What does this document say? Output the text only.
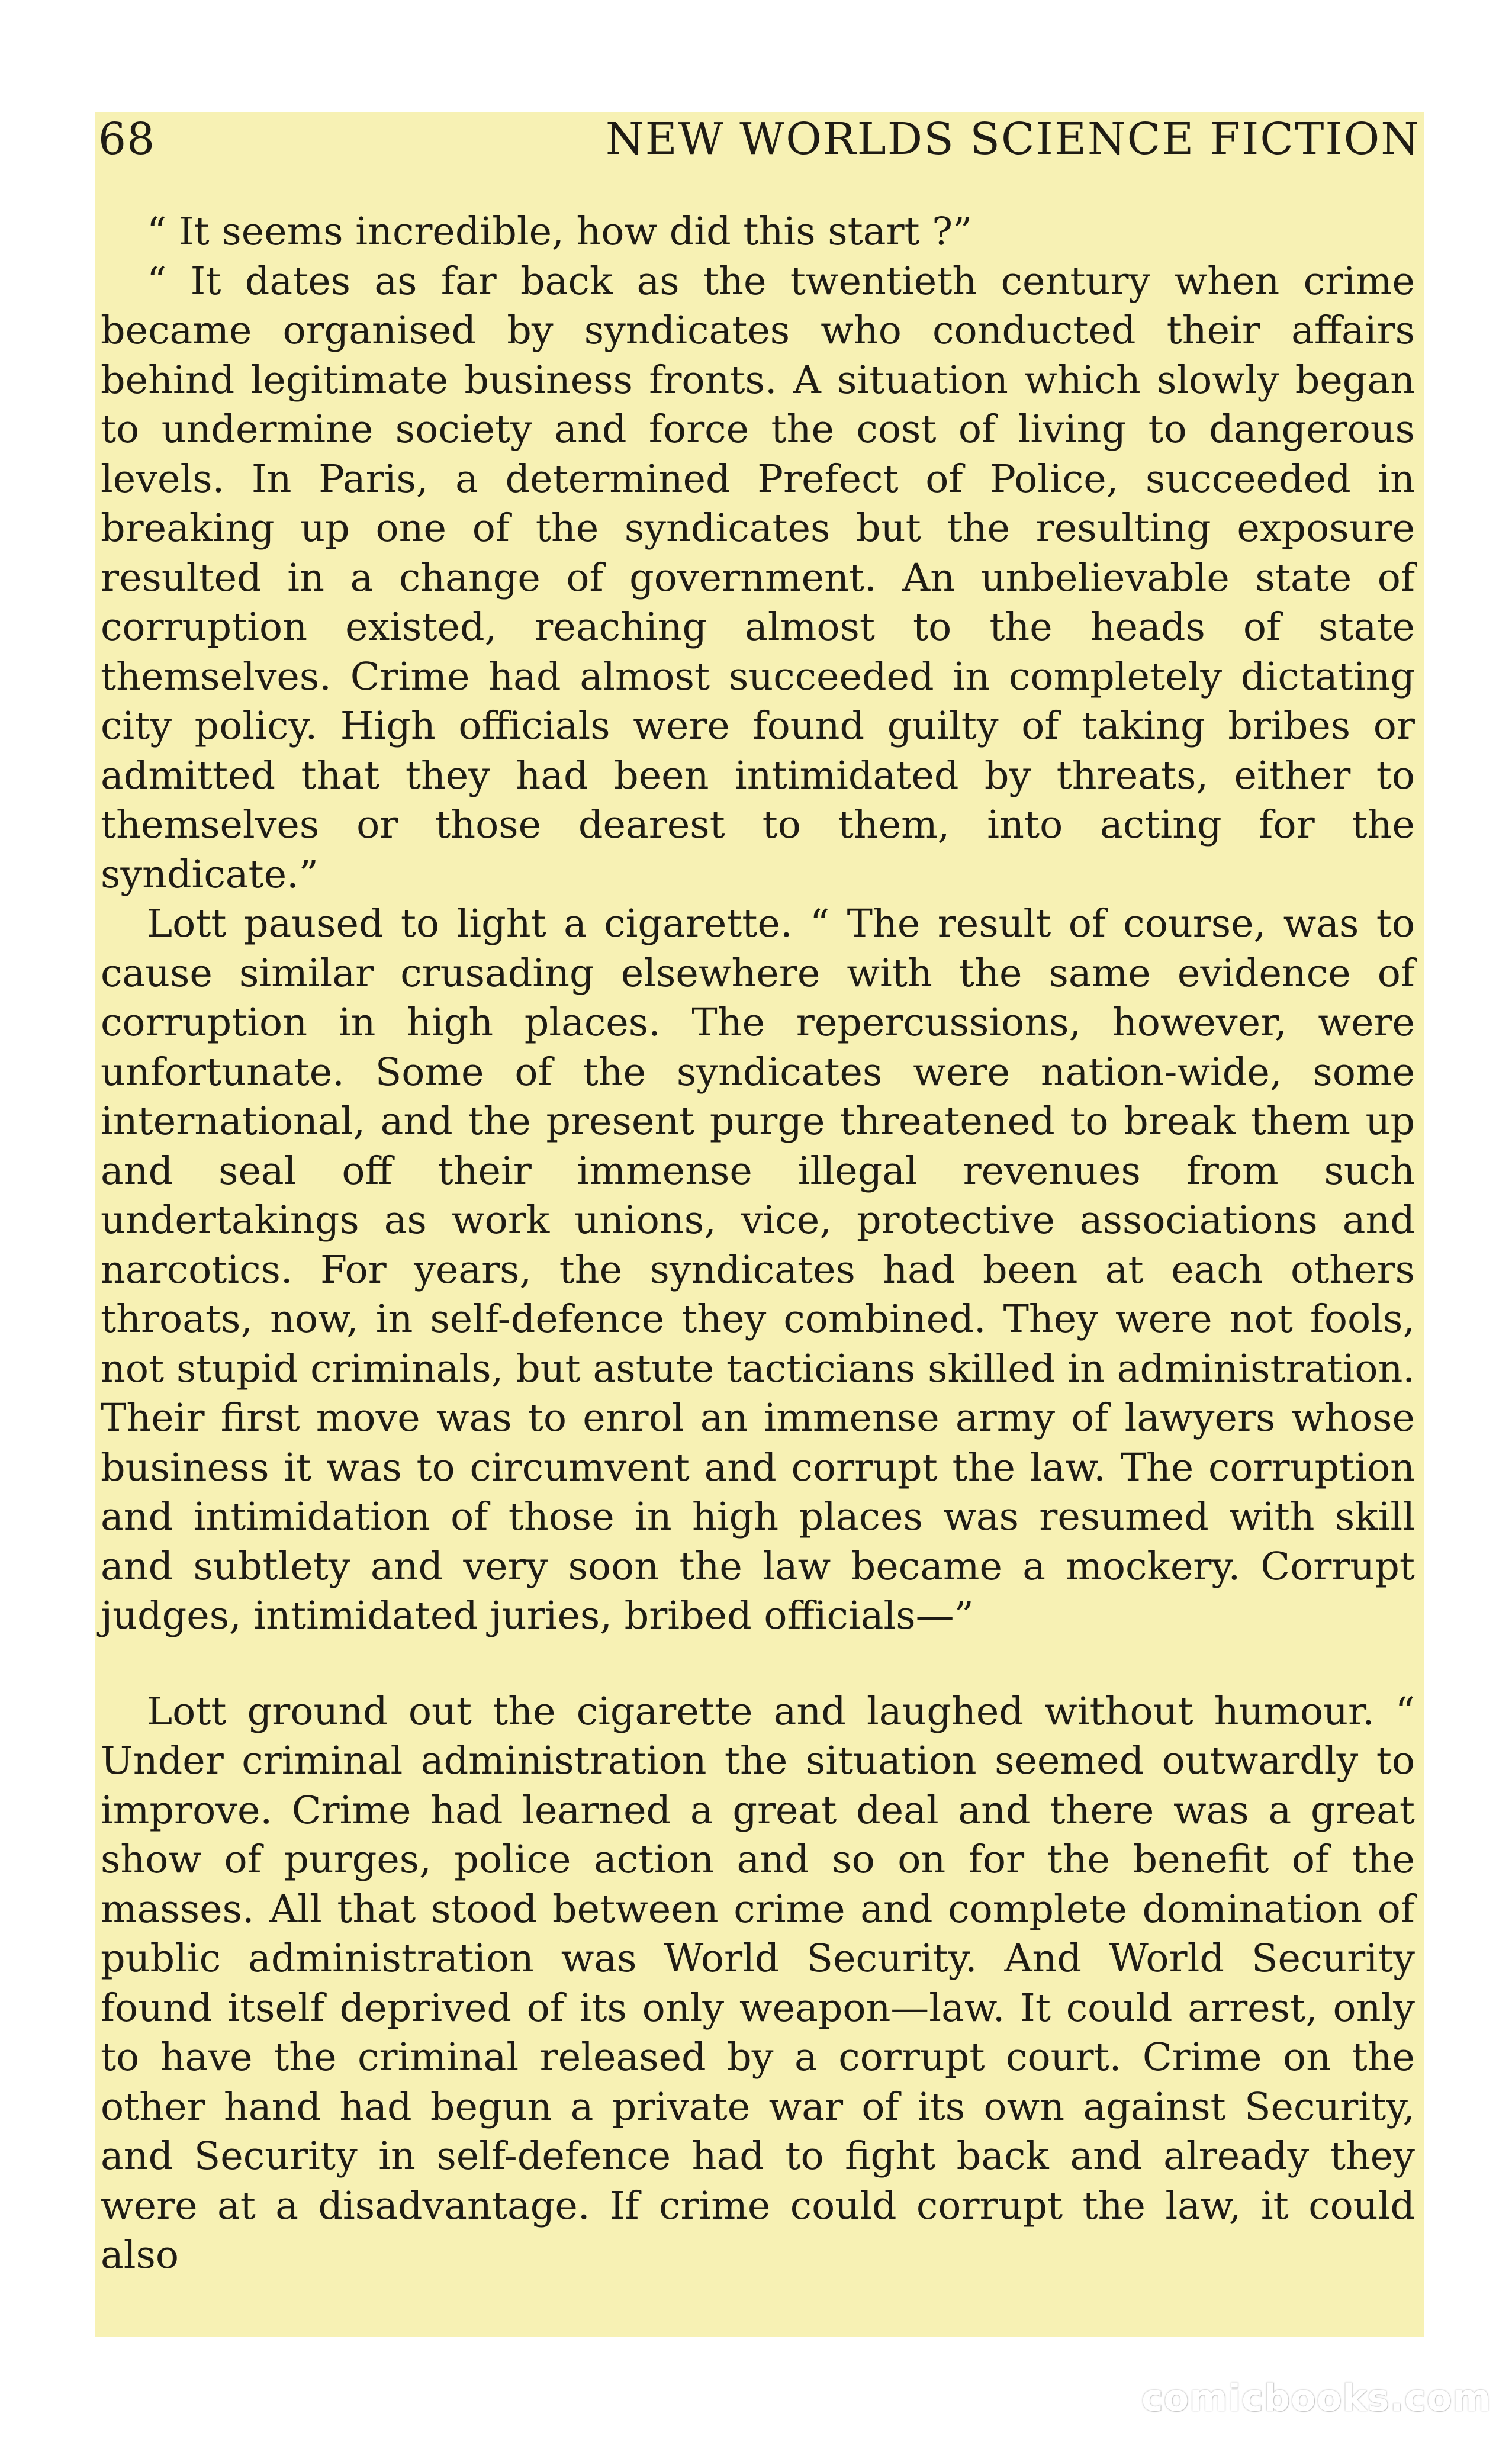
68	NEW WORLDS SCIENCE FICTION

“ It seems incredible, how did this start ?”

“ It dates as far back as the twentieth century when crime became organised by syndicates who conducted their affairs behind legitimate business fronts. A situation which slowly began to undermine society and force the cost of living to dangerous levels. In Paris, a determined Prefect of Police, succeeded in breaking up one of the syndicates but the resulting exposure resulted in a change of government. An unbelievable state of corruption existed, reaching almost to the heads of state themselves. Crime had almost succeeded in completely dictating city policy. High officials were found guilty of taking bribes or admitted that they had been intimidated by threats, either to themselves or those dearest to them, into acting for the syndicate.”

Lott paused to light a cigarette. “ The result of course, was to cause similar crusading elsewhere with the same evidence of corruption in high places. The repercussions, however, were unfortunate. Some of the syndicates were nation-wide, some international, and the present purge threatened to break them up and seal off their immense illegal revenues from such undertakings as work unions, vice, protective associations and narcotics. For years, the syndicates had been at each others throats, now, in self-defence they combined. They were not fools, not stupid criminals, but astute tacticians skilled in administration. Their first move was to enrol an immense army of lawyers whose business it was to circumvent and corrupt the law. The corruption and intimidation of those in high places was resumed with skill and subtlety and very soon the law became a mockery. Corrupt judges, intimidated juries, bribed officials—”

Lott ground out the cigarette and laughed without humour. “ Under criminal administration the situation seemed outwardly to improve. Crime had learned a great deal and there was a great show of purges, police action and so on for the benefit of the masses. All that stood between crime and complete domination of public administration was World Security. And World Security found itself deprived of its only weapon—law. It could arrest, only to have the criminal released by a corrupt court. Crime on the other hand had begun a private war of its own against Security, and Security in self-defence had to fight back and already they were at a disadvantage. If crime could corrupt the law, it could also

comicbooks.com
